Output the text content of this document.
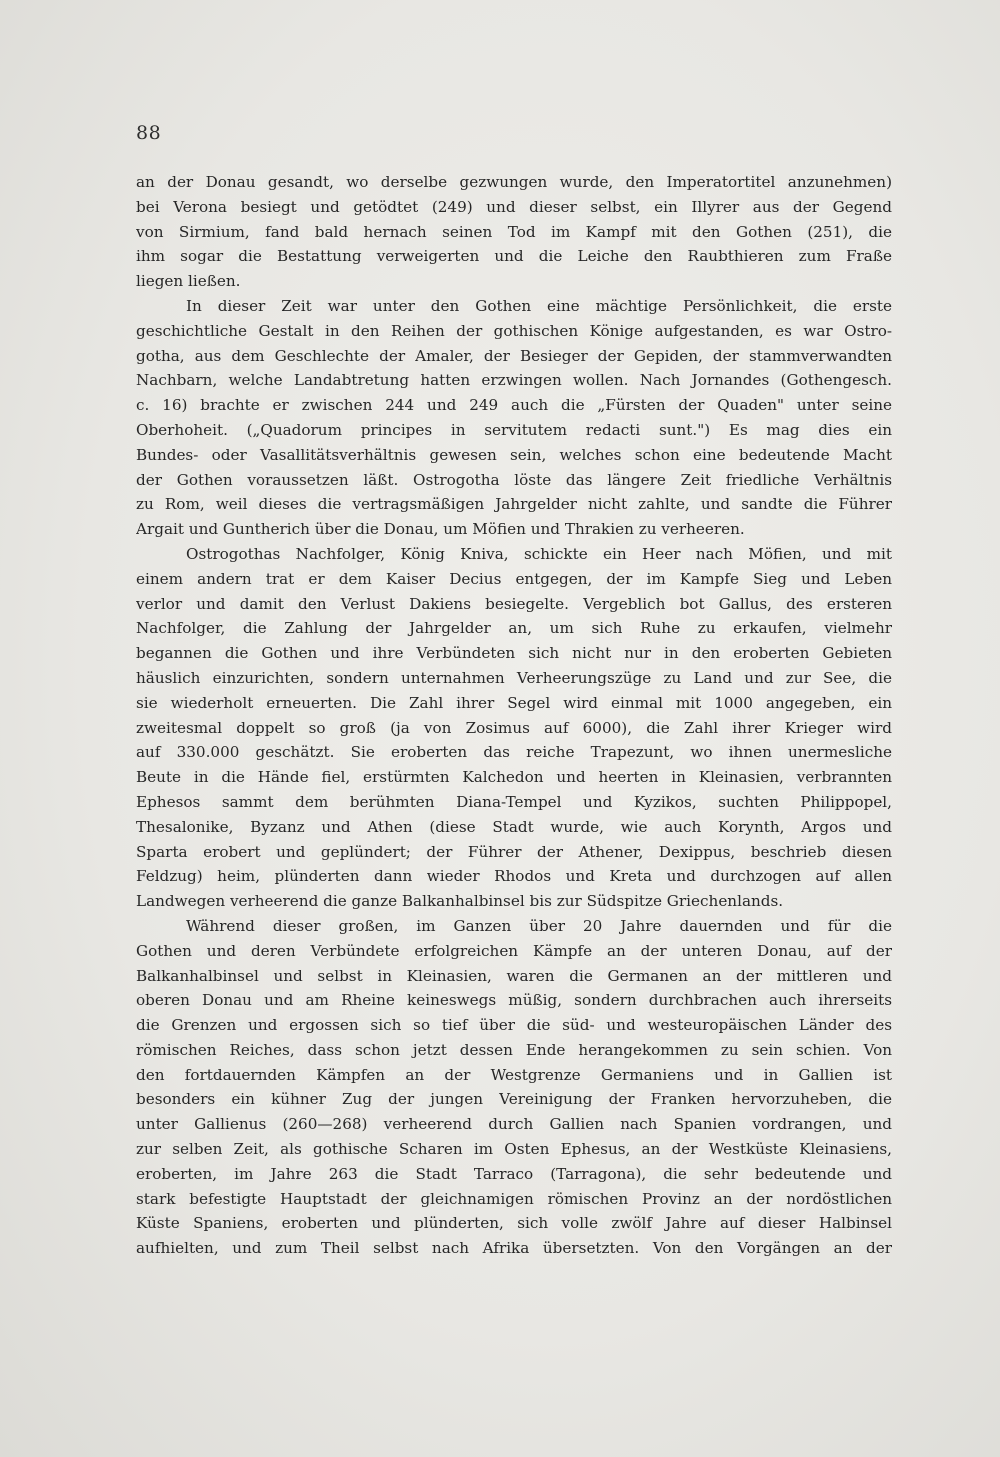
88
an der Donau gesandt, wo derselbe gezwungen wurde, den Imperatortitel anzunehmen)
bei Verona besiegt und getödtet (249) und dieser selbst, ein Illyrer aus der Gegend
von Sirmium, fand bald hernach seinen Tod im Kampf mit den Gothen (251), die
ihm sogar die Bestattung verweigerten und die Leiche den Raubthieren zum Fraße
liegen ließen.
In dieser Zeit war unter den Gothen eine mächtige Persönlichkeit, die erste
geschichtliche Gestalt in den Reihen der gothischen Könige aufgestanden, es war Ostro-
gotha, aus dem Geschlechte der Amaler, der Besieger der Gepiden, der stammverwandten
Nachbarn, welche Landabtretung hatten erzwingen wollen. Nach Jornandes (Gothengesch.
c. 16) brachte er zwischen 244 und 249 auch die „Fürsten der Quaden" unter seine
Oberhoheit. („Quadorum principes in servitutem redacti sunt.") Es mag dies ein
Bundes- oder Vasallitätsverhältnis gewesen sein, welches schon eine bedeutende Macht
der Gothen voraussetzen läßt. Ostrogotha löste das längere Zeit friedliche Verhältnis
zu Rom, weil dieses die vertragsmäßigen Jahrgelder nicht zahlte, und sandte die Führer
Argait und Guntherich über die Donau, um Möfien und Thrakien zu verheeren.
Ostrogothas Nachfolger, König Kniva, schickte ein Heer nach Möfien, und mit
einem andern trat er dem Kaiser Decius entgegen, der im Kampfe Sieg und Leben
verlor und damit den Verlust Dakiens besiegelte. Vergeblich bot Gallus, des ersteren
Nachfolger, die Zahlung der Jahrgelder an, um sich Ruhe zu erkaufen, vielmehr
begannen die Gothen und ihre Verbündeten sich nicht nur in den eroberten Gebieten
häuslich einzurichten, sondern unternahmen Verheerungszüge zu Land und zur See, die
sie wiederholt erneuerten. Die Zahl ihrer Segel wird einmal mit 1000 angegeben, ein
zweitesmal doppelt so groß (ja von Zosimus auf 6000), die Zahl ihrer Krieger wird
auf 330.000 geschätzt. Sie eroberten das reiche Trapezunt, wo ihnen unermesliche
Beute in die Hände fiel, erstürmten Kalchedon und heerten in Kleinasien, verbrannten
Ephesos sammt dem berühmten Diana-Tempel und Kyzikos, suchten Philippopel,
Thesalonike, Byzanz und Athen (diese Stadt wurde, wie auch Korynth, Argos und
Sparta erobert und geplündert; der Führer der Athener, Dexippus, beschrieb diesen
Feldzug) heim, plünderten dann wieder Rhodos und Kreta und durchzogen auf allen
Landwegen verheerend die ganze Balkanhalbinsel bis zur Südspitze Griechenlands.
Während dieser großen, im Ganzen über 20 Jahre dauernden und für die
Gothen und deren Verbündete erfolgreichen Kämpfe an der unteren Donau, auf der
Balkanhalbinsel und selbst in Kleinasien, waren die Germanen an der mittleren und
oberen Donau und am Rheine keineswegs müßig, sondern durchbrachen auch ihrerseits
die Grenzen und ergossen sich so tief über die süd- und westeuropäischen Länder des
römischen Reiches, dass schon jetzt dessen Ende herangekommen zu sein schien. Von
den fortdauernden Kämpfen an der Westgrenze Germaniens und in Gallien ist
besonders ein kühner Zug der jungen Vereinigung der Franken hervorzuheben, die
unter Gallienus (260—268) verheerend durch Gallien nach Spanien vordrangen, und
zur selben Zeit, als gothische Scharen im Osten Ephesus, an der Westküste Kleinasiens,
eroberten, im Jahre 263 die Stadt Tarraco (Tarragona), die sehr bedeutende und
stark befestigte Hauptstadt der gleichnamigen römischen Provinz an der nordöstlichen
Küste Spaniens, eroberten und plünderten, sich volle zwölf Jahre auf dieser Halbinsel
aufhielten, und zum Theil selbst nach Afrika übersetzten. Von den Vorgängen an der
